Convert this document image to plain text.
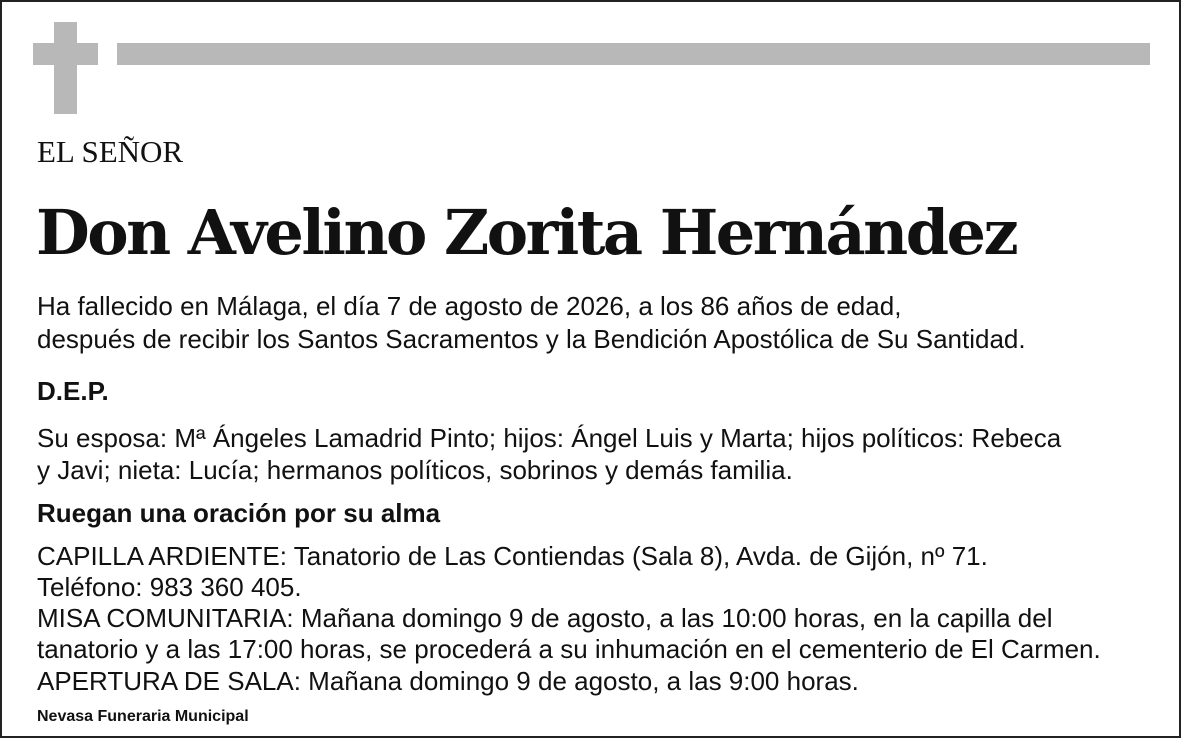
EL SEÑOR
Don Avelino Zorita Hernández
Ha fallecido en Málaga, el día 7 de agosto de 2026, a los 86 años de edad,
después de recibir los Santos Sacramentos y la Bendición Apostólica de Su Santidad.
D.E.P.
Su esposa: Mª Ángeles Lamadrid Pinto; hijos: Ángel Luis y Marta; hijos políticos: Rebeca
y Javi; nieta: Lucía; hermanos políticos, sobrinos y demás familia.
Ruegan una oración por su alma
CAPILLA ARDIENTE: Tanatorio de Las Contiendas (Sala 8), Avda. de Gijón, nº 71.
Teléfono: 983 360 405.
MISA COMUNITARIA: Mañana domingo 9 de agosto, a las 10:00 horas, en la capilla del
tanatorio y a las 17:00 horas, se procederá a su inhumación en el cementerio de El Carmen.
APERTURA DE SALA: Mañana domingo 9 de agosto, a las 9:00 horas.
Nevasa Funeraria Municipal
